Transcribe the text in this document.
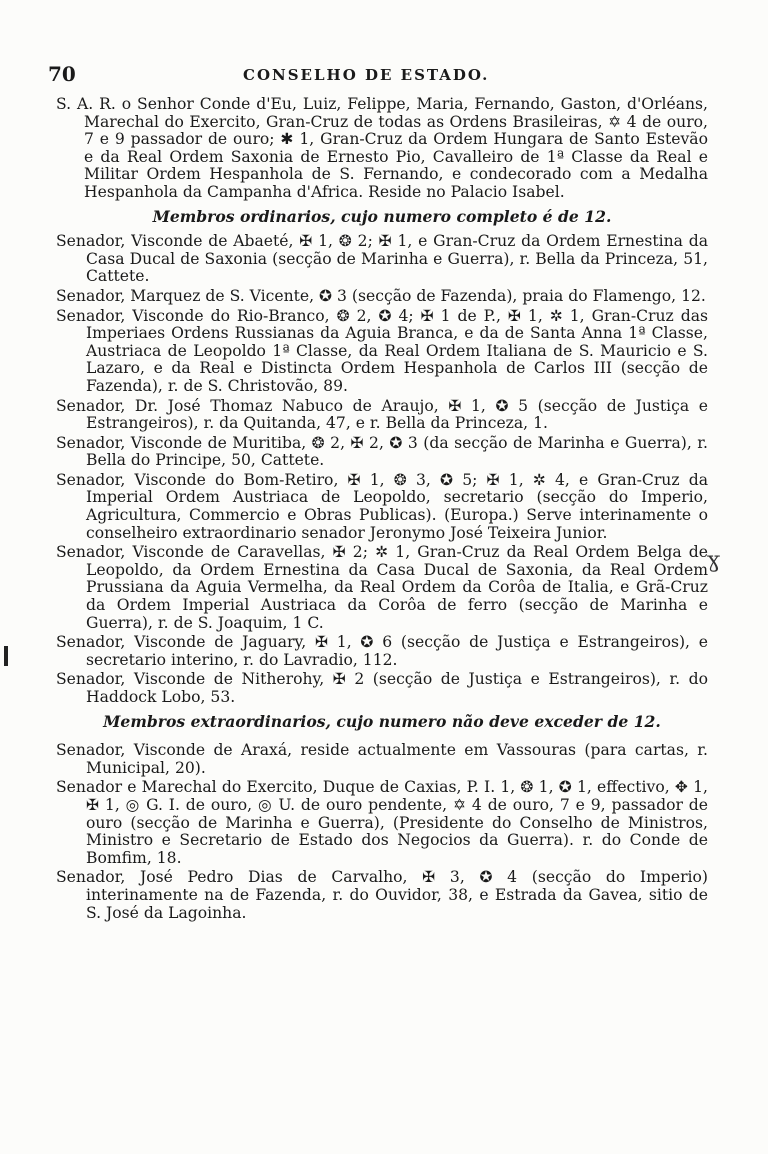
70	CONSELHO DE ESTADO.

S. A. R. o Senhor Conde d'Eu, Luiz, Felippe, Maria, Fernando, Gaston, d'Orléans, Marechal do Exercito, Gran-Cruz de todas as Ordens Brasileiras, ✡ 4 de ouro, 7 e 9 passador de ouro; ✱ 1, Gran-Cruz da Ordem Hungara de Santo Estevão e da Real Ordem Saxonia de Ernesto Pio, Cavalleiro de 1ª Classe da Real e Militar Ordem Hespanhola de S. Fernando, e condecorado com a Medalha Hespanhola da Campanha d'Africa. Reside no Palacio Isabel.

Membros ordinarios, cujo numero completo é de 12.

Senador, Visconde de Abaeté, ✠ 1, ❂ 2; ✠ 1, e Gran-Cruz da Ordem Ernestina da Casa Ducal de Saxonia (secção de Marinha e Guerra), r. Bella da Princeza, 51, Cattete.

Senador, Marquez de S. Vicente, ✪ 3 (secção de Fazenda), praia do Flamengo, 12.

Senador, Visconde do Rio-Branco, ❂ 2, ✪ 4; ✠ 1 de P., ✠ 1, ✲ 1, Gran-Cruz das Imperiaes Ordens Russianas da Aguia Branca, e da de Santa Anna 1ª Classe, Austriaca de Leopoldo 1ª Classe, da Real Ordem Italiana de S. Mauricio e S. Lazaro, e da Real e Distincta Ordem Hespanhola de Carlos III (secção de Fazenda), r. de S. Christovão, 89.

Senador, Dr. José Thomaz Nabuco de Araujo, ✠ 1, ✪ 5 (secção de Justiça e Estrangeiros), r. da Quitanda, 47, e r. Bella da Princeza, 1.

Senador, Visconde de Muritiba, ❂ 2, ✠ 2, ✪ 3 (da secção de Marinha e Guerra), r. Bella do Principe, 50, Cattete.

Senador, Visconde do Bom-Retiro, ✠ 1, ❂ 3, ✪ 5; ✠ 1, ✲ 4, e Gran-Cruz da Imperial Ordem Austriaca de Leopoldo, secretario (secção do Imperio, Agricultura, Commercio e Obras Publicas). (Europa.) Serve interinamente o conselheiro extraordinario senador Jeronymo José Teixeira Junior.

Senador, Visconde de Caravellas, ✠ 2; ✲ 1, Gran-Cruz da Real Ordem Belga de Leopoldo, da Ordem Ernestina da Casa Ducal de Saxonia, da Real Ordem Prussiana da Aguia Vermelha, da Real Ordem da Corôa de Italia, e Grã-Cruz da Ordem Imperial Austriaca da Corôa de ferro (secção de Marinha e Guerra), r. de S. Joaquim, 1 C.

Senador, Visconde de Jaguary, ✠ 1, ✪ 6 (secção de Justiça e Estrangeiros), e secretario interino, r. do Lavradio, 112.

Senador, Visconde de Nitherohy, ✠ 2 (secção de Justiça e Estrangeiros), r. do Haddock Lobo, 53.

Membros extraordinarios, cujo numero não deve exceder de 12.

Senador, Visconde de Araxá, reside actualmente em Vassouras (para cartas, r. Municipal, 20).

Senador e Marechal do Exercito, Duque de Caxias, P. I. 1, ❂ 1, ✪ 1, effectivo, ✥ 1, ✠ 1, ◎ G. I. de ouro, ◎ U. de ouro pendente, ✡ 4 de ouro, 7 e 9, passador de ouro (secção de Marinha e Guerra), (Presidente do Conselho de Ministros, Ministro e Secretario de Estado dos Negocios da Guerra). r. do Conde de Bomfim, 18.

Senador, José Pedro Dias de Carvalho, ✠ 3, ✪ 4 (secção do Imperio) interinamente na de Fazenda, r. do Ouvidor, 38, e Estrada da Gavea, sitio de S. José da Lagoinha.

ɣ
